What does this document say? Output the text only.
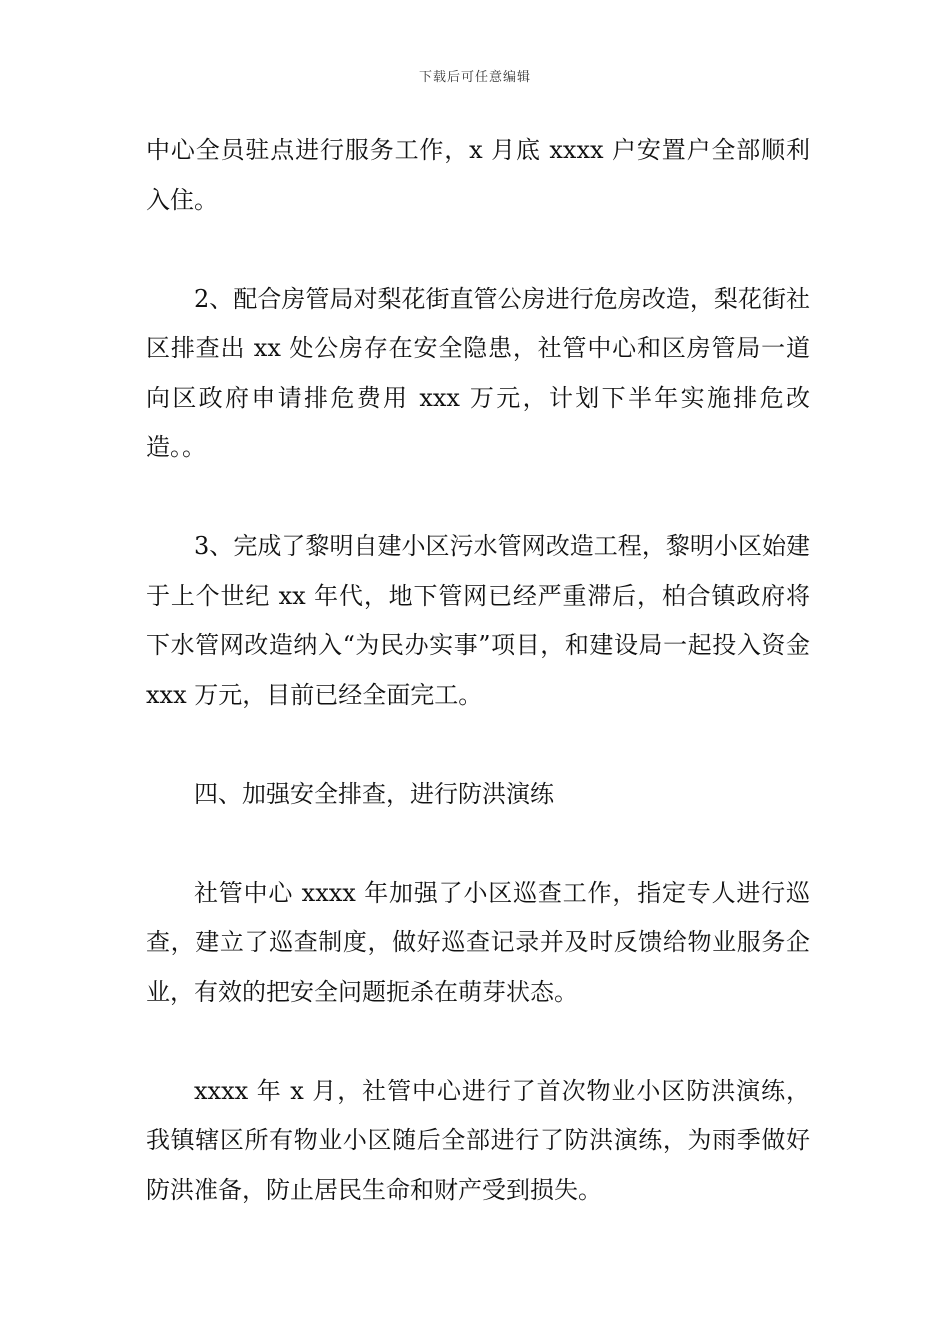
下载后可任意编辑

中心全员驻点进行服务工作，x 月底 xxxx 户安置户全部顺利入住。

2、配合房管局对梨花街直管公房进行危房改造，梨花街社区排查出 xx 处公房存在安全隐患，社管中心和区房管局一道向区政府申请排危费用 xxx 万元，计划下半年实施排危改造。。

3、完成了黎明自建小区污水管网改造工程，黎明小区始建于上个世纪 xx 年代，地下管网已经严重滞后，柏合镇政府将下水管网改造纳入“为民办实事”项目，和建设局一起投入资金 xxx 万元，目前已经全面完工。

四、加强安全排查，进行防洪演练

社管中心 xxxx 年加强了小区巡查工作，指定专人进行巡查，建立了巡查制度，做好巡查记录并及时反馈给物业服务企业，有效的把安全问题扼杀在萌芽状态。

xxxx 年 x 月，社管中心进行了首次物业小区防洪演练，我镇辖区所有物业小区随后全部进行了防洪演练，为雨季做好防洪准备，防止居民生命和财产受到损失。
